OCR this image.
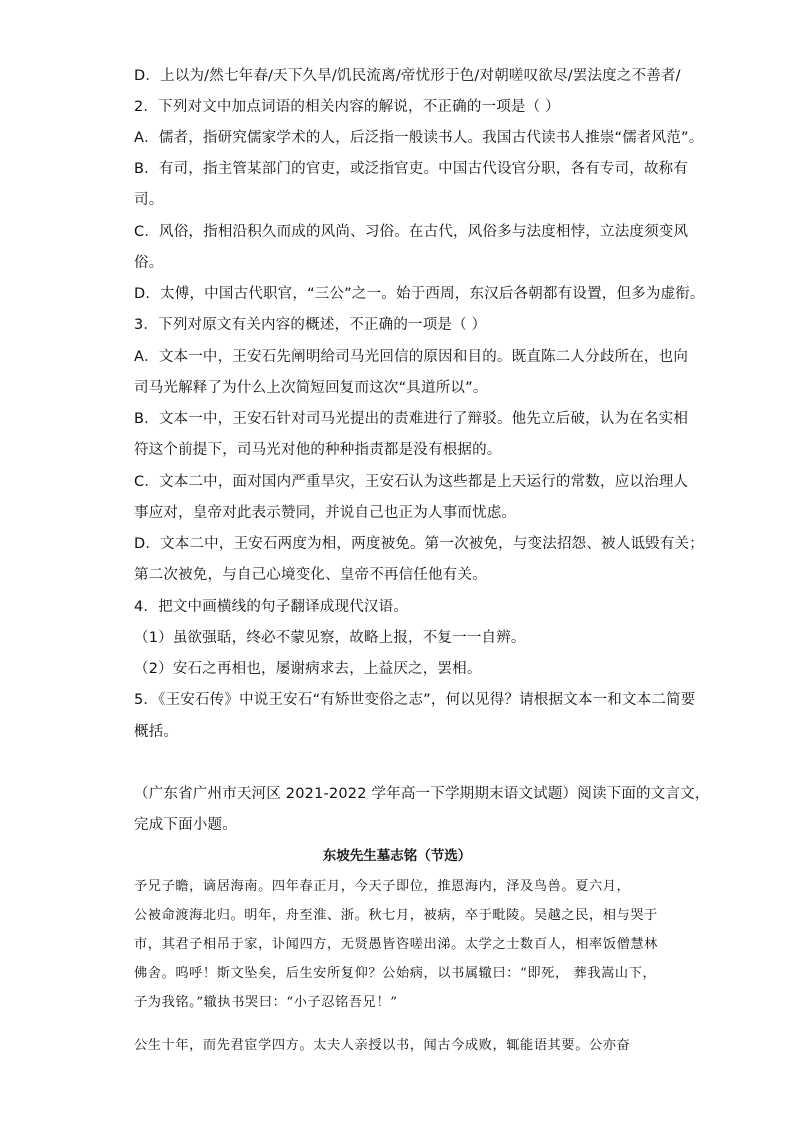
D．上以为/然七年春/天下久旱/饥民流离/帝忧形于色/对朝嗟叹欲尽/罢法度之不善者/
2．下列对文中加点词语的相关内容的解说，不正确的一项是（ ）
A．儒者，指研究儒家学术的人，后泛指一般读书人。我国古代读书人推崇“儒者风范”。
B．有司，指主管某部门的官吏，或泛指官吏。中国古代设官分职，各有专司，故称有
司。
C．风俗，指相沿积久而成的风尚、习俗。在古代，风俗多与法度相悖，立法度须变风
俗。
D．太傅，中国古代职官，“三公”之一。始于西周，东汉后各朝都有设置，但多为虚衔。
3．下列对原文有关内容的概述，不正确的一项是（ ）
A．文本一中，王安石先阐明给司马光回信的原因和目的。既直陈二人分歧所在，也向
司马光解释了为什么上次简短回复而这次“具道所以”。
B．文本一中，王安石针对司马光提出的责难进行了辩驳。他先立后破，认为在名实相
符这个前提下，司马光对他的种种指责都是没有根据的。
C．文本二中，面对国内严重旱灾，王安石认为这些都是上天运行的常数，应以治理人
事应对，皇帝对此表示赞同，并说自己也正为人事而忧虑。
D．文本二中，王安石两度为相，两度被免。第一次被免，与变法招怨、被人诋毁有关；
第二次被免，与自己心境变化、皇帝不再信任他有关。
4．把文中画横线的句子翻译成现代汉语。
（1）虽欲强聒，终必不蒙见察，故略上报，不复一一自辨。
（2）安石之再相也，屡谢病求去，上益厌之，罢相。
5．《王安石传》中说王安石“有矫世变俗之志”，何以见得？请根据文本一和文本二简要
概括。
（广东省广州市天河区 2021-2022 学年高一下学期期末语文试题）阅读下面的文言文，
完成下面小题。
东坡先生墓志铭（节选）
予兄子瞻，谪居海南。四年春正月，今天子即位，推恩海内，泽及鸟兽。夏六月，
公被命渡海北归。明年，舟至淮、浙。秋七月，被病，卒于毗陵。吴越之民，相与哭于
市，其君子相吊于家，讣闻四方，无贤愚皆咨嗟出涕。太学之士数百人，相率饭僧慧林
佛舍。呜呼！斯文坠矣，后生安所复仰？公始病，以书属辙曰：“即死， 葬我嵩山下，
子为我铭。”辙执书哭曰：“小子忍铭吾兄！”
公生十年，而先君宦学四方。太夫人亲授以书，闻古今成败，辄能语其要。公亦奋
